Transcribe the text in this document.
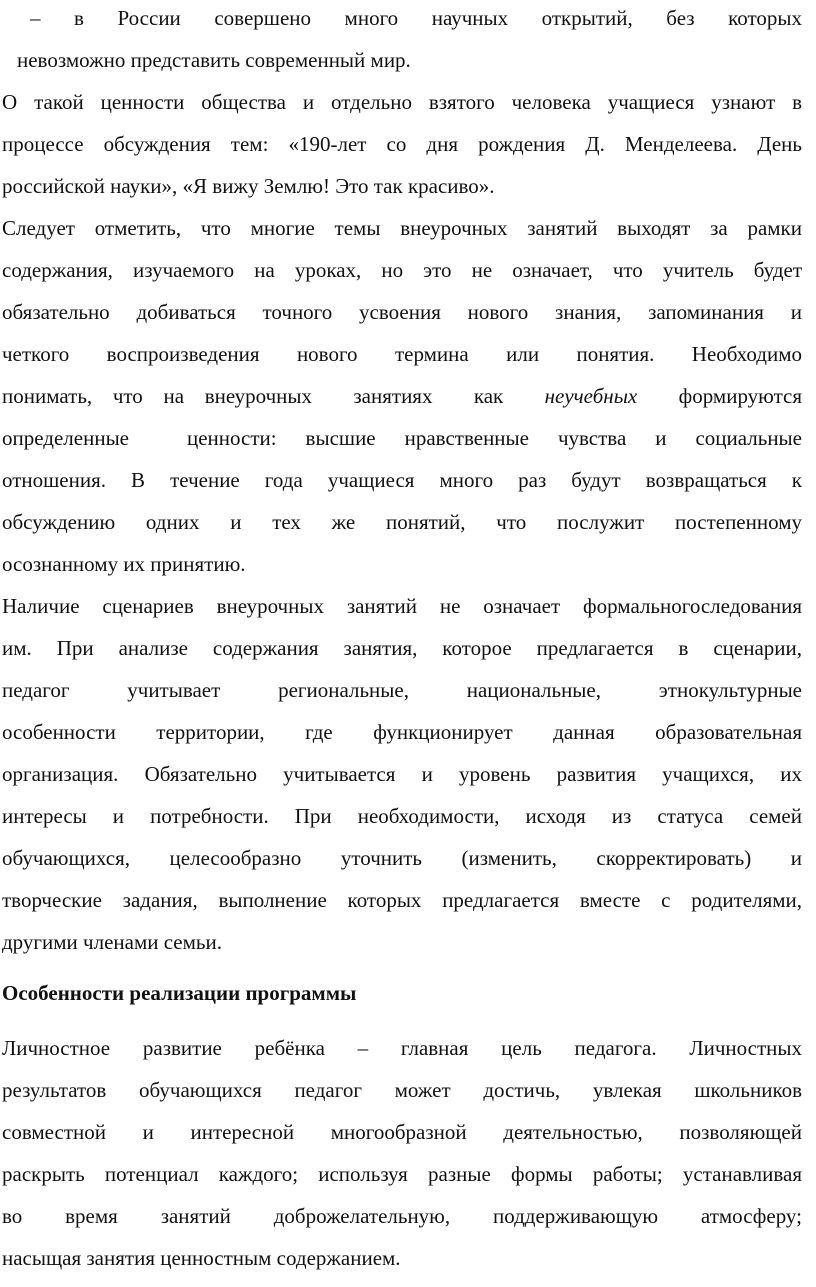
– в России совершено много научных открытий, без которых
невозможно представить современный мир.
О такой ценности общества и отдельно взятого человека учащиеся узнают в
процессе обсуждения тем: «190-лет со дня рождения Д. Менделеева. День
российской науки», «Я вижу Землю! Это так красиво».
Следует отметить, что многие темы внеурочных занятий выходят за рамки
содержания, изучаемого на уроках, но это не означает, что учитель будет
обязательно добиваться точного усвоения нового знания, запоминания и
четкого воспроизведения нового термина или понятия. Необходимо
понимать, что на внеурочных  занятиях  как  неучебных  формируются
определенные  ценности: высшие нравственные чувства и социальные
отношения. В течение года учащиеся много раз будут возвращаться к
обсуждению одних и тех же понятий, что послужит постепенному
осознанному их принятию.
Наличие сценариев внеурочных занятий не означает формальногоследования
им. При анализе содержания занятия, которое предлагается в сценарии,
педагог учитывает региональные, национальные, этнокультурные
особенности территории, где функционирует данная образовательная
организация. Обязательно учитывается и уровень развития учащихся, их
интересы и потребности. При необходимости, исходя из статуса семей
обучающихся, целесообразно уточнить (изменить, скорректировать) и
творческие задания, выполнение которых предлагается вместе с родителями,
другими членами семьи.
Особенности реализации программы
Личностное развитие ребёнка – главная цель педагога. Личностных
результатов обучающихся педагог может достичь, увлекая школьников
совместной и интересной многообразной деятельностью, позволяющей
раскрыть потенциал каждого; используя разные формы работы; устанавливая
во время занятий доброжелательную, поддерживающую атмосферу;
насыщая занятия ценностным содержанием.
